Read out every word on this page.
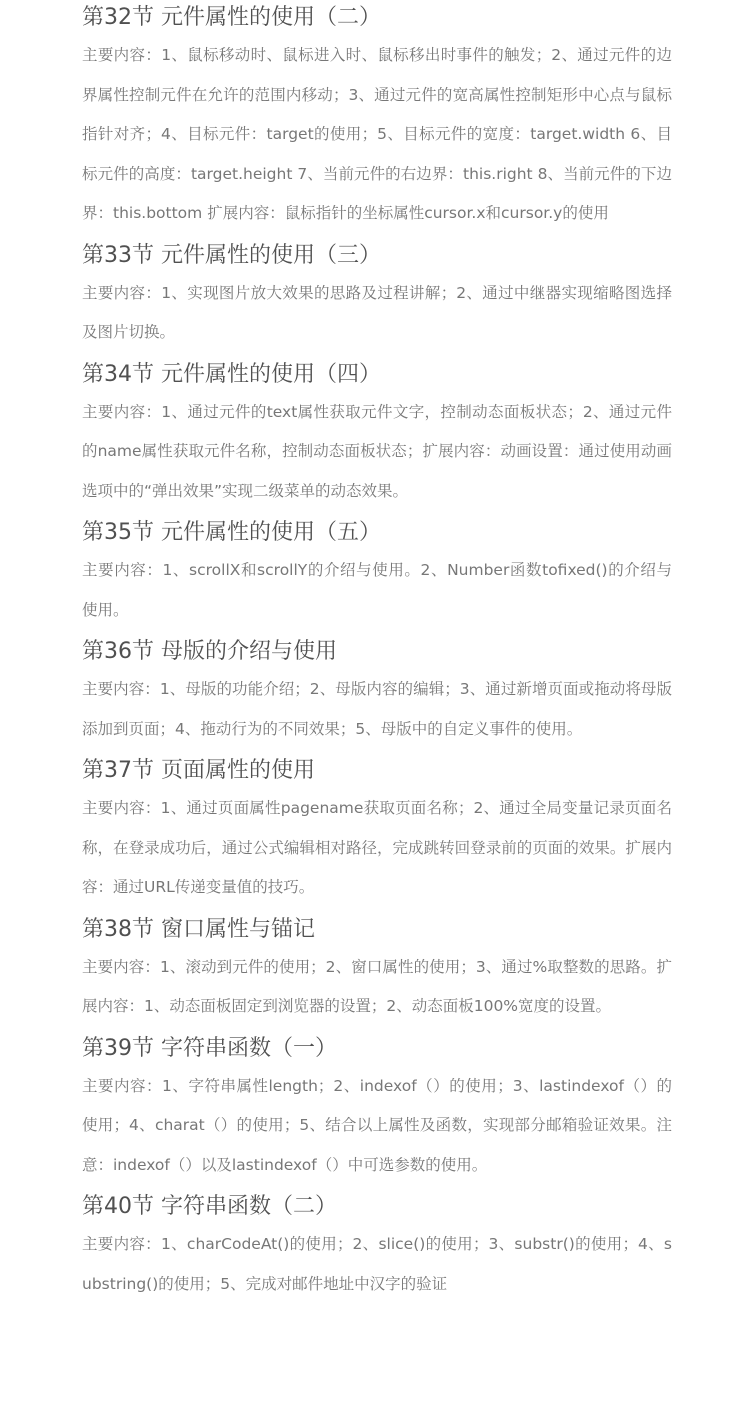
第32节 元件属性的使用（二）

主要内容：1、鼠标移动时、鼠标进入时、鼠标移出时事件的触发；2、通过元件的边界属性控制元件在允许的范围内移动；3、通过元件的宽高属性控制矩形中心点与鼠标指针对齐；4、目标元件：target的使用；5、目标元件的宽度：target.width 6、目标元件的高度：target.height 7、当前元件的右边界：this.right 8、当前元件的下边界：this.bottom 扩展内容：鼠标指针的坐标属性cursor.x和cursor.y的使用

第33节 元件属性的使用（三）

主要内容：1、实现图片放大效果的思路及过程讲解；2、通过中继器实现缩略图选择及图片切换。

第34节 元件属性的使用（四）

主要内容：1、通过元件的text属性获取元件文字，控制动态面板状态；2、通过元件的name属性获取元件名称，控制动态面板状态；扩展内容：动画设置：通过使用动画选项中的“弹出效果”实现二级菜单的动态效果。

第35节 元件属性的使用（五）

主要内容：1、scrollX和scrollY的介绍与使用。2、Number函数tofixed()的介绍与使用。

第36节 母版的介绍与使用

主要内容：1、母版的功能介绍；2、母版内容的编辑；3、通过新增页面或拖动将母版添加到页面；4、拖动行为的不同效果；5、母版中的自定义事件的使用。

第37节 页面属性的使用

主要内容：1、通过页面属性pagename获取页面名称；2、通过全局变量记录页面名称，在登录成功后，通过公式编辑相对路径，完成跳转回登录前的页面的效果。扩展内容：通过URL传递变量值的技巧。

第38节 窗口属性与锚记

主要内容：1、滚动到元件的使用；2、窗口属性的使用；3、通过%取整数的思路。扩展内容：1、动态面板固定到浏览器的设置；2、动态面板100%宽度的设置。

第39节 字符串函数（一）

主要内容：1、字符串属性length；2、indexof（）的使用；3、lastindexof（）的使用；4、charat（）的使用；5、结合以上属性及函数，实现部分邮箱验证效果。注意：indexof（）以及lastindexof（）中可选参数的使用。

第40节 字符串函数（二）

主要内容：1、charCodeAt()的使用；2、slice()的使用；3、substr()的使用；4、substring()的使用；5、完成对邮件地址中汉字的验证
